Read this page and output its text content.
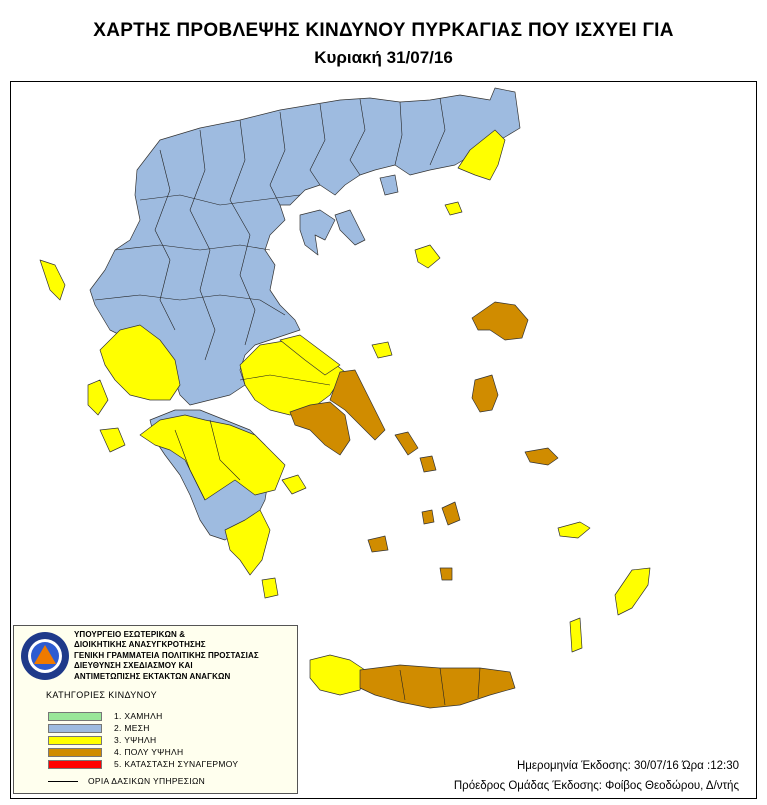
ΧΑΡΤΗΣ ΠΡΟΒΛΕΨΗΣ ΚΙΝΔΥΝΟΥ ΠΥΡΚΑΓΙΑΣ ΠΟΥ ΙΣΧΥΕΙ ΓΙΑ
Κυριακή 31/07/16
ΥΠΟΥΡΓΕΙΟ ΕΣΩΤΕΡΙΚΩΝ &
ΔΙΟΙΚΗΤΙΚΗΣ ΑΝΑΣΥΓΚΡΟΤΗΣΗΣ
ΓΕΝΙΚΗ ΓΡΑΜΜΑΤΕΙΑ ΠΟΛΙΤΙΚΗΣ ΠΡΟΣΤΑΣΙΑΣ
ΔΙΕΥΘΥΝΣΗ ΣΧΕΔΙΑΣΜΟΥ ΚΑΙ
ΑΝΤΙΜΕΤΩΠΙΣΗΣ ΕΚΤΑΚΤΩΝ ΑΝΑΓΚΩΝ
ΚΑΤΗΓΟΡΙΕΣ ΚΙΝΔΥΝΟΥ
1. ΧΑΜΗΛΗ
2. ΜΕΣΗ
3. ΥΨΗΛΗ
4. ΠΟΛΥ ΥΨΗΛΗ
5. ΚΑΤΑΣΤΑΣΗ ΣΥΝΑΓΕΡΜΟΥ
ΟΡΙΑ ΔΑΣΙΚΩΝ ΥΠΗΡΕΣΙΩΝ
Ημερομηνία Έκδοσης: 30/07/16 Ώρα :12:30
Πρόεδρος Ομάδας Έκδοσης: Φοίβος Θεοδώρου, Δ/ντής
